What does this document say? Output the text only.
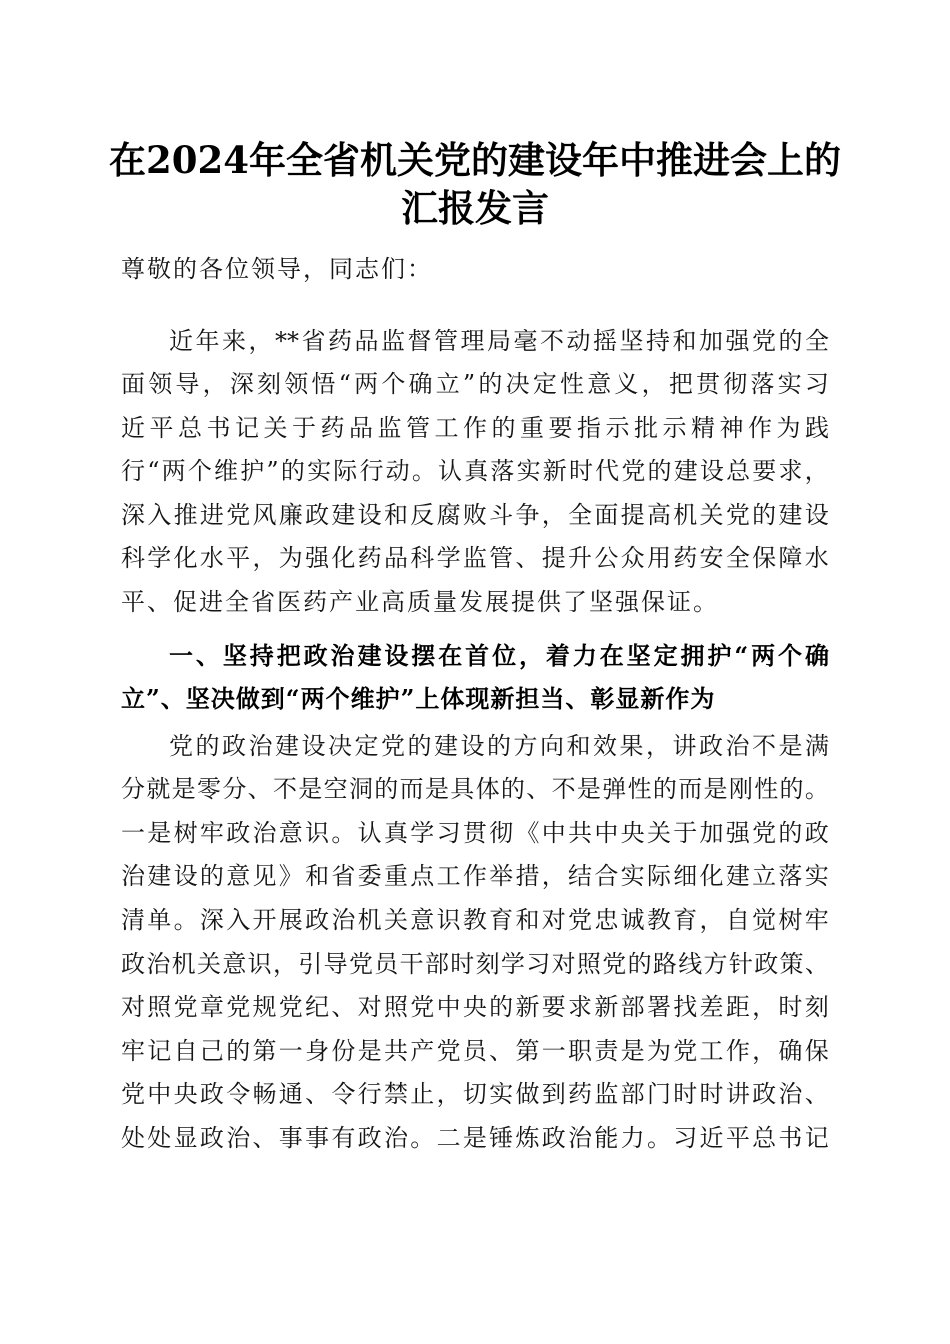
在2024年全省机关党的建设年中推进会上的
汇报发言
尊敬的各位领导，同志们：
近 年 来 ， ** 省 药 品 监 督 管 理 局 毫 不 动 摇 坚 持 和 加 强 党 的 全
面 领 导 ， 深 刻 领 悟 “ 两 个 确 立 ” 的 决 定 性 意 义 ， 把 贯 彻 落 实 习
近 平 总 书 记 关 于 药 品 监 管 工 作 的 重 要 指 示 批 示 精 神 作 为 践
行 “ 两 个 维 护 ” 的 实 际 行 动 。 认 真 落 实 新 时 代 党 的 建 设 总 要 求 ，
深 入 推 进 党 风 廉 政 建 设 和 反 腐 败 斗 争 ， 全 面 提 高 机 关 党 的 建 设
科 学 化 水 平 ， 为 强 化 药 品 科 学 监 管 、 提 升 公 众 用 药 安 全 保 障 水
平、促进全省医药产业高质量发展提供了坚强保证。
一 、 坚 持 把 政 治 建 设 摆 在 首 位 ， 着 力 在 坚 定 拥 护 “ 两 个 确
立”、坚决做到“两个维护”上体现新担当、彰显新作为
党 的 政 治 建 设 决 定 党 的 建 设 的 方 向 和 效 果 ， 讲 政 治 不 是 满
分 就 是 零 分 、 不 是 空 洞 的 而 是 具 体 的 、 不 是 弹 性 的 而 是 刚 性 的 。
一 是 树 牢 政 治 意 识 。 认 真 学 习 贯 彻 《 中 共 中 央 关 于 加 强 党 的 政
治 建 设 的 意 见 》 和 省 委 重 点 工 作 举 措 ， 结 合 实 际 细 化 建 立 落 实
清 单 。 深 入 开 展 政 治 机 关 意 识 教 育 和 对 党 忠 诚 教 育 ， 自 觉 树 牢
政 治 机 关 意 识 ， 引 导 党 员 干 部 时 刻 学 习 对 照 党 的 路 线 方 针 政 策 、
对 照 党 章 党 规 党 纪 、 对 照 党 中 央 的 新 要 求 新 部 署 找 差 距 ， 时 刻
牢 记 自 己 的 第 一 身 份 是 共 产 党 员 、 第 一 职 责 是 为 党 工 作 ， 确 保
党 中 央 政 令 畅 通 、 令 行 禁 止 ， 切 实 做 到 药 监 部 门 时 时 讲 政 治 、
处 处 显 政 治 、 事 事 有 政 治 。 二 是 锤 炼 政 治 能 力 。 习 近 平 总 书 记
